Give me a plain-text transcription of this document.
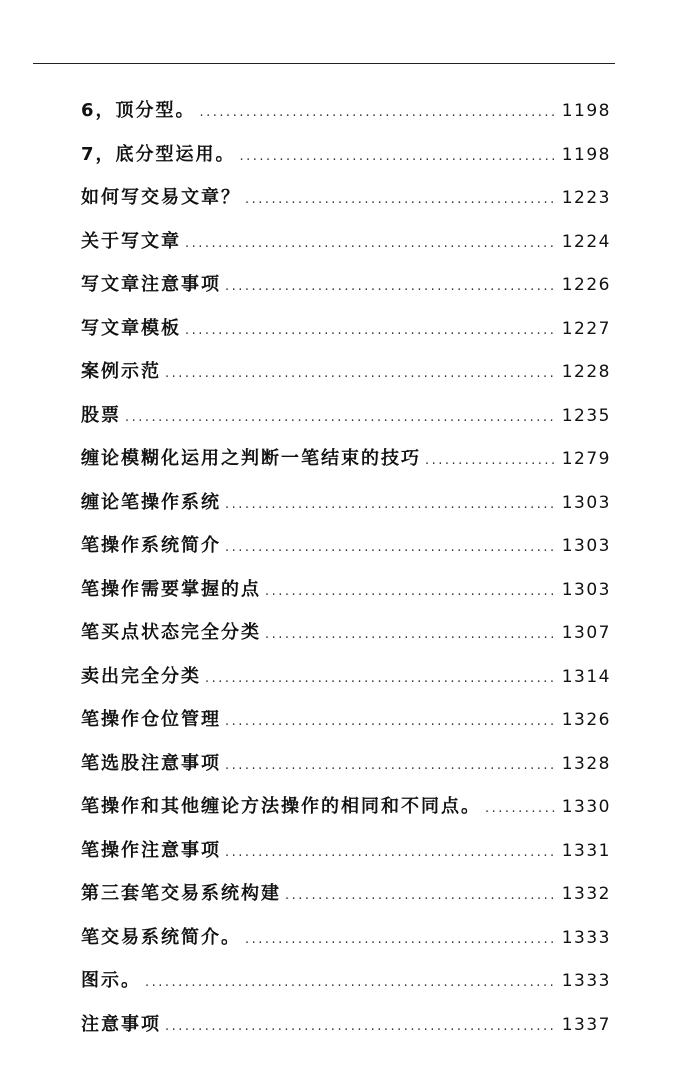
6，顶分型。 .....	1198
7，底分型运用。 .....	1198
如何写交易文章？ .....	1223
关于写文章 .....	1224
写文章注意事项 .....	1226
写文章模板 .....	1227
案例示范 .....	1228
股票 .....	1235
缠论模糊化运用之判断一笔结束的技巧 .....	1279
缠论笔操作系统 .....	1303
笔操作系统简介 .....	1303
笔操作需要掌握的点 .....	1303
笔买点状态完全分类 .....	1307
卖出完全分类 .....	1314
笔操作仓位管理 .....	1326
笔选股注意事项 .....	1328
笔操作和其他缠论方法操作的相同和不同点。 .....	1330
笔操作注意事项 .....	1331
第三套笔交易系统构建 .....	1332
笔交易系统简介。 .....	1333
图示。 .....	1333
注意事项 .....	1337
